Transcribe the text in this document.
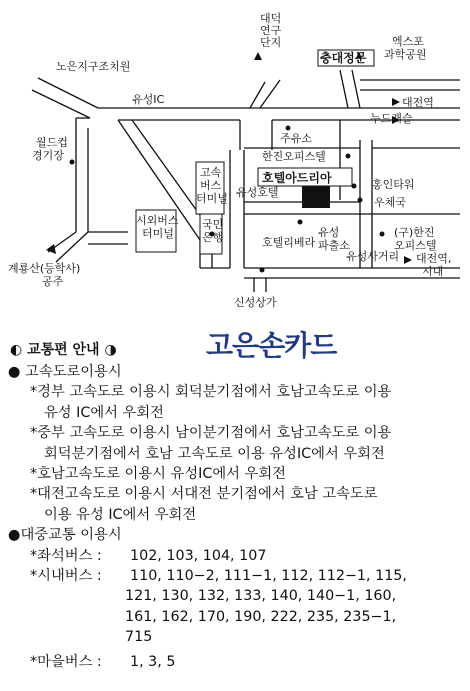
대덕 연구 단지
충대정문
엑스포 과학공원
노은지구조치원
유성IC	대전역
누드캐슬
월드컵 경기장
주유소
한진오피스텔
호텔아드리아	홍인타워
우체국
고속 버스 터미널 유성호텔
시외버스 터미널
국민 은행	호텔리베라
유성 파출소
(구)한진 오피스텔
유성사거리 대전역, 시내
계룡산(등학사) 공주
신성상가
◐ 교통편 안내 ◑	고은손카드
● 고속도로이용시
*경부 고속도로 이용시 회덕분기점에서 호남고속도로 이용
유성 IC에서 우회전
*중부 고속도로 이용시 남이분기점에서 호남고속도로 이용
회덕분기점에서 호남 고속도로 이용 유성IC에서 우회전
*호남고속도로 이용시 유성IC에서 우회전
*대전고속도로 이용시 서대전 분기점에서 호남 고속도로
이용 유성 IC에서 우회전
●대중교통 이용시
*좌석버스 : 102, 103, 104, 107
*시내버스 : 110, 110−2, 111−1, 112, 112−1, 115,
121, 130, 132, 133, 140, 140−1, 160,
161, 162, 170, 190, 222, 235, 235−1,
715
*마을버스 : 1, 3, 5
